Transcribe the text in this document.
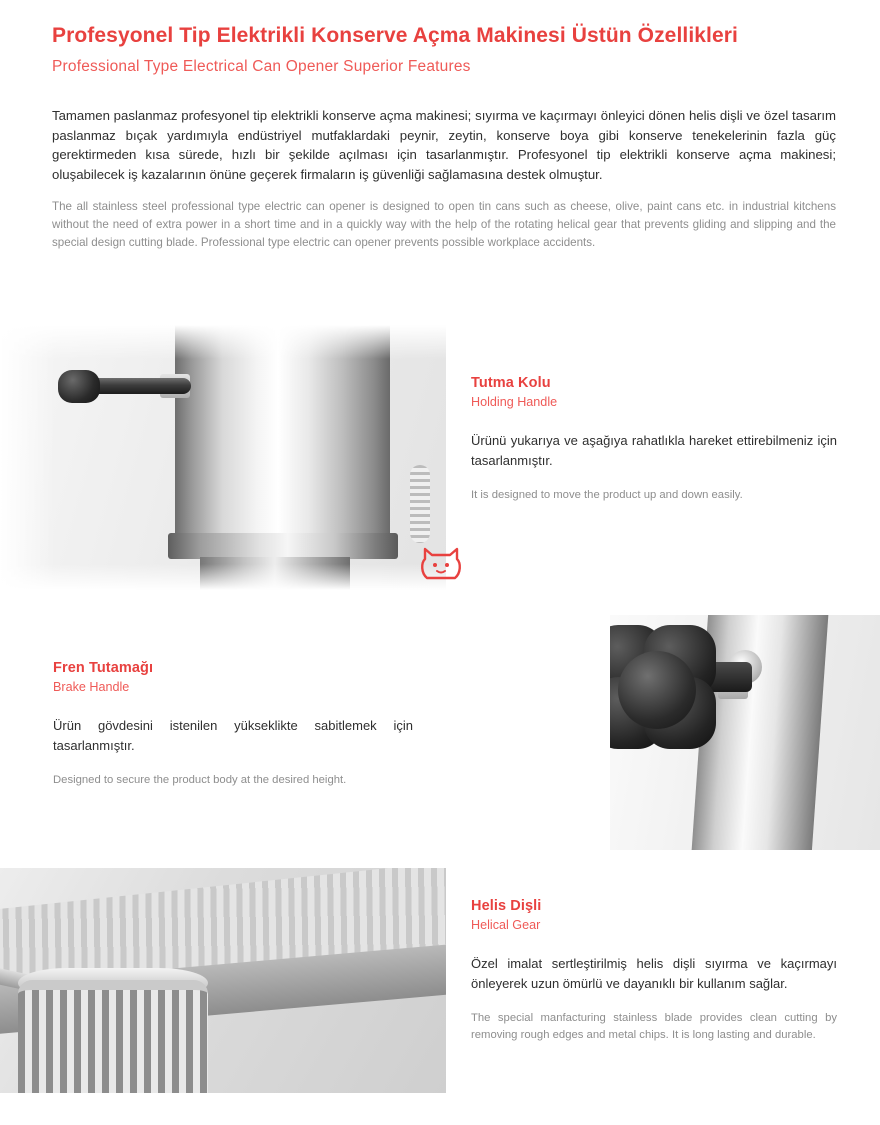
Profesyonel Tip Elektrikli Konserve Açma Makinesi Üstün Özellikleri
Professional Type Electrical Can Opener Superior Features

Tamamen paslanmaz profesyonel tip elektrikli konserve açma makinesi; sıyırma ve kaçırmayı önleyici dönen helis dişli ve özel tasarım paslanmaz bıçak yardımıyla endüstriyel mutfaklardaki peynir, zeytin, konserve boya gibi konserve tenekelerinin fazla güç gerektirmeden kısa sürede, hızlı bir şekilde açılması için tasarlanmıştır. Profesyonel tip elektrikli konserve açma makinesi; oluşabilecek iş kazalarının önüne geçerek firmaların iş güvenliği sağlamasına destek olmuştur.

The all stainless steel professional type electric can opener is designed to open tin cans such as cheese, olive, paint cans etc. in industrial kitchens without the need of extra power in a short time and in a quickly way with the help of the rotating helical gear that prevents gliding and slipping and the special design cutting blade. Professional type electric can opener prevents possible workplace accidents.

Tutma Kolu
Holding Handle

Ürünü yukarıya ve aşağıya rahatlıkla hareket ettirebilmeniz için tasarlanmıştır.

It is designed to move the product up and down easily.

Fren Tutamağı
Brake Handle

Ürün gövdesini istenilen yükseklikte sabitlemek için tasarlanmıştır.

Designed to secure the product body at the desired height.

Helis Dişli
Helical Gear

Özel imalat sertleştirilmiş helis dişli sıyırma ve kaçırmayı önleyerek uzun ömürlü ve dayanıklı bir kullanım sağlar.

The special manfacturing stainless blade provides clean cutting by removing rough edges and metal chips. It is long lasting and durable.
